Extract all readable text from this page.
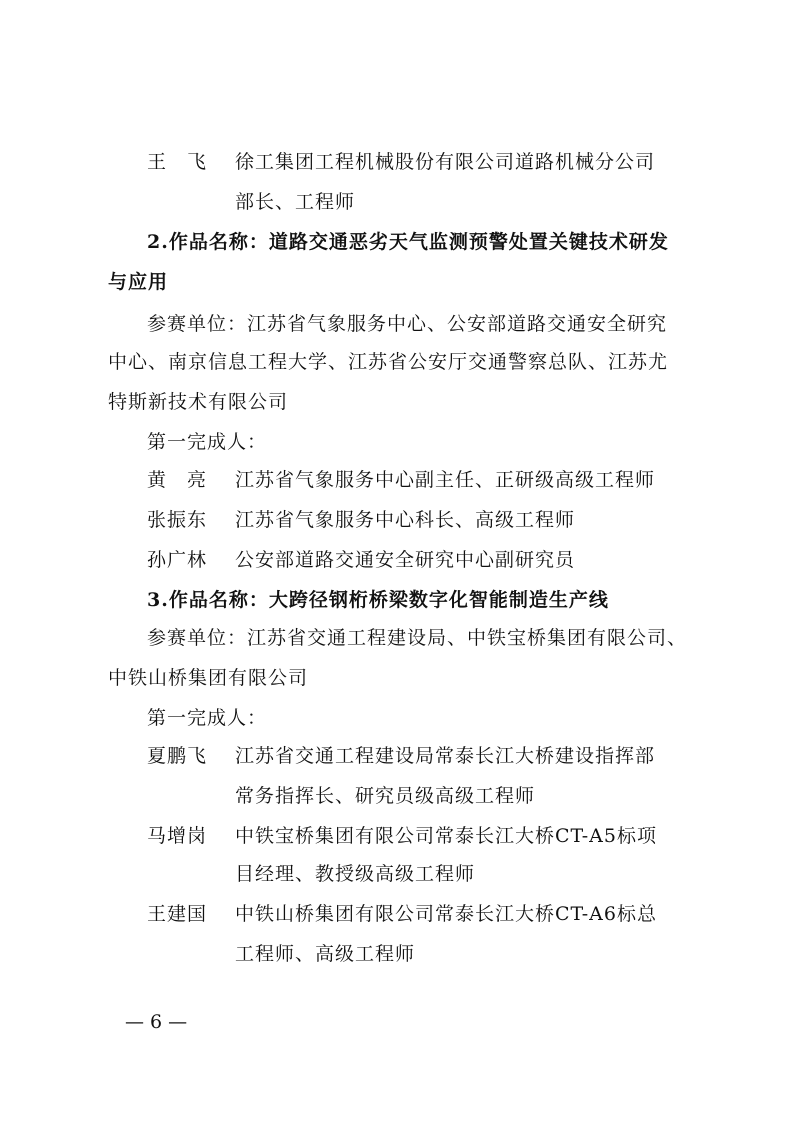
王　飞 徐工集团工程机械股份有限公司道路机械分公司
部长、工程师
2.作品名称：道路交通恶劣天气监测预警处置关键技术研发
与应用
参赛单位：江苏省气象服务中心、公安部道路交通安全研究
中心、南京信息工程大学、江苏省公安厅交通警察总队、江苏尤
特斯新技术有限公司
第一完成人：
黄　亮 江苏省气象服务中心副主任、正研级高级工程师
张振东 江苏省气象服务中心科长、高级工程师
孙广林 公安部道路交通安全研究中心副研究员
3.作品名称：大跨径钢桁桥梁数字化智能制造生产线
参赛单位：江苏省交通工程建设局、中铁宝桥集团有限公司、
中铁山桥集团有限公司
第一完成人：
夏鹏飞 江苏省交通工程建设局常泰长江大桥建设指挥部
常务指挥长、研究员级高级工程师
马增岗 中铁宝桥集团有限公司常泰长江大桥CT-A5标项
目经理、教授级高级工程师
王建国 中铁山桥集团有限公司常泰长江大桥CT-A6标总
工程师、高级工程师
— 6 —
